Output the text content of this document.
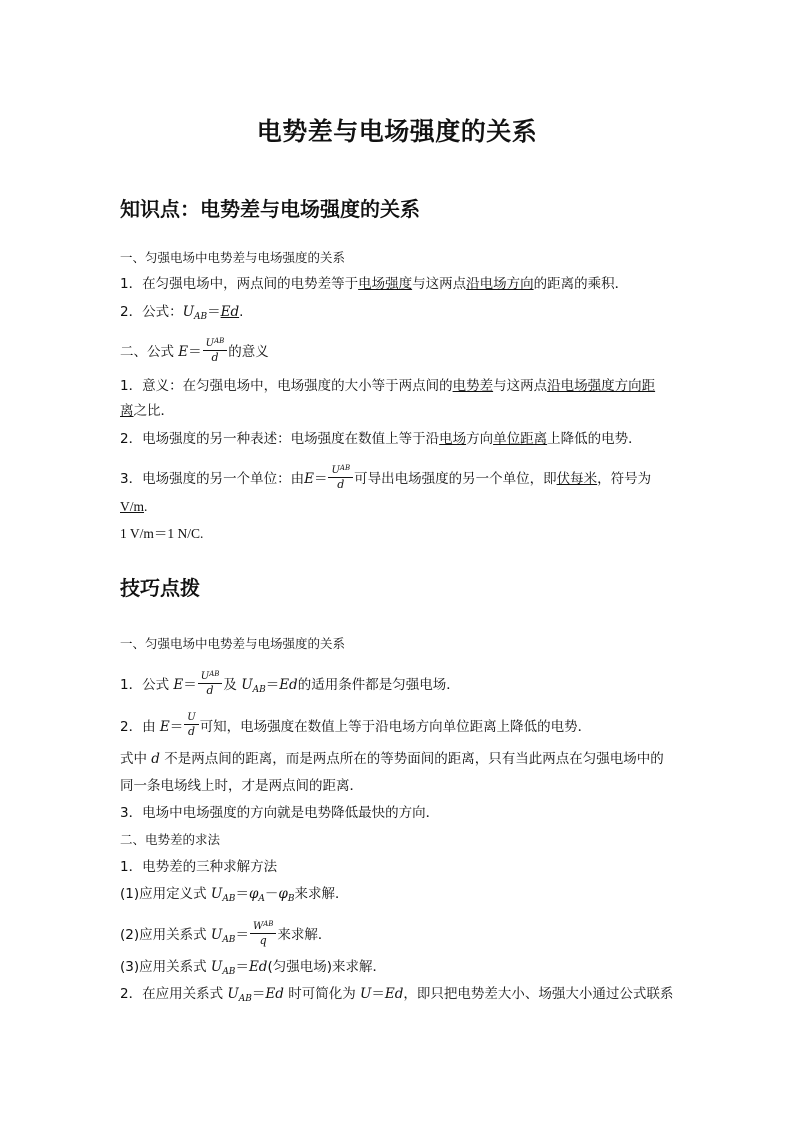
电势差与电场强度的关系
知识点：电势差与电场强度的关系
一、匀强电场中电势差与电场强度的关系
1．在匀强电场中，两点间的电势差等于电场强度与这两点沿电场方向的距离的乘积．
2．公式：$U_{AB}=Ed$.
二、公式 $E= \frac{U_{AB}}{d}$ 的意义
1．意义：在匀强电场中，电场强度的大小等于两点间的电势差与这两点沿电场强度方向距
离之比．
2．电场强度的另一种表述：电场强度在数值上等于沿电场方向单位距离上降低的电势．
3．电场强度的另一个单位：由$E= \frac{U_{AB}}{d}$ 可导出电场强度的另一个单位，即伏每米，符号为
V/m.
1 V/m＝1 N/C.
技巧点拨
一、匀强电场中电势差与电场强度的关系
1．公式 $E= \frac{U_{AB}}{d}$ 及 $U_{AB}=Ed$的适用条件都是匀强电场．
2．由 $E= \frac{U}{d}$ 可知，电场强度在数值上等于沿电场方向单位距离上降低的电势．
式中 d 不是两点间的距离，而是两点所在的等势面间的距离，只有当此两点在匀强电场中的
同一条电场线上时，才是两点间的距离．
3．电场中电场强度的方向就是电势降低最快的方向．
二、电势差的求法
1．电势差的三种求解方法
(1)应用定义式 $U_{AB}=\varphi_A-\varphi_B$来求解．
(2)应用关系式 $U_{AB}= \frac{W_{AB}}{q}$ 来求解．
(3)应用关系式 $U_{AB}=Ed$(匀强电场)来求解．
2．在应用关系式 $U_{AB}=Ed$ 时可简化为 U＝Ed，即只把电势差大小、场强大小通过公式联系
